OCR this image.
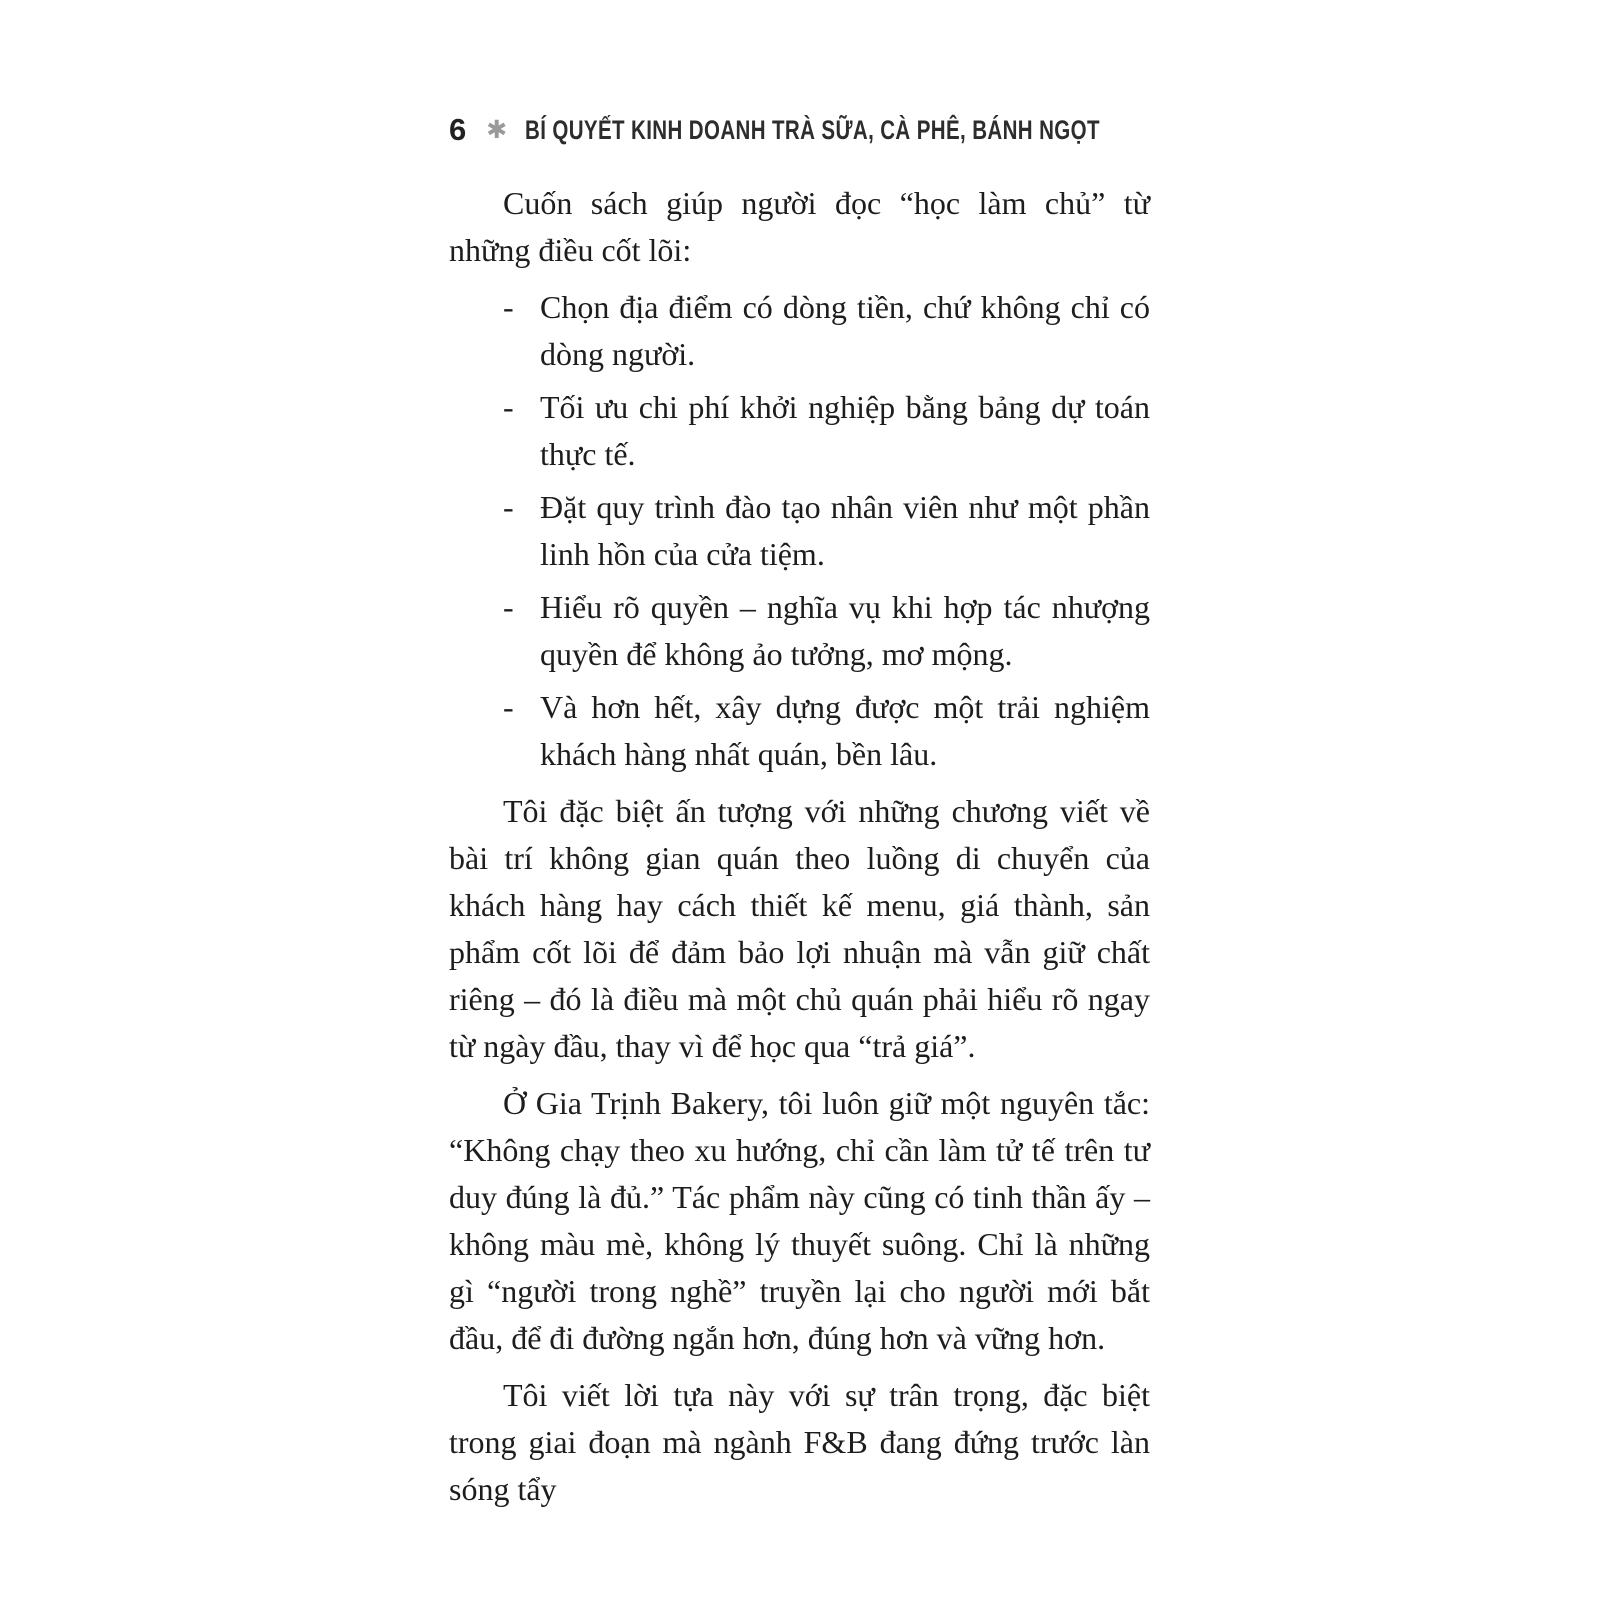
6 ✱ BÍ QUYẾT KINH DOANH TRÀ SỮA, CÀ PHÊ, BÁNH NGỌT

Cuốn sách giúp người đọc “học làm chủ” từ những điều cốt lõi:

- Chọn địa điểm có dòng tiền, chứ không chỉ có dòng người.
- Tối ưu chi phí khởi nghiệp bằng bảng dự toán thực tế.
- Đặt quy trình đào tạo nhân viên như một phần linh hồn của cửa tiệm.
- Hiểu rõ quyền – nghĩa vụ khi hợp tác nhượng quyền để không ảo tưởng, mơ mộng.
- Và hơn hết, xây dựng được một trải nghiệm khách hàng nhất quán, bền lâu.

Tôi đặc biệt ấn tượng với những chương viết về bài trí không gian quán theo luồng di chuyển của khách hàng hay cách thiết kế menu, giá thành, sản phẩm cốt lõi để đảm bảo lợi nhuận mà vẫn giữ chất riêng – đó là điều mà một chủ quán phải hiểu rõ ngay từ ngày đầu, thay vì để học qua “trả giá”.

Ở Gia Trịnh Bakery, tôi luôn giữ một nguyên tắc: “Không chạy theo xu hướng, chỉ cần làm tử tế trên tư duy đúng là đủ.” Tác phẩm này cũng có tinh thần ấy – không màu mè, không lý thuyết suông. Chỉ là những gì “người trong nghề” truyền lại cho người mới bắt đầu, để đi đường ngắn hơn, đúng hơn và vững hơn.

Tôi viết lời tựa này với sự trân trọng, đặc biệt trong giai đoạn mà ngành F&B đang đứng trước làn sóng tẩy
